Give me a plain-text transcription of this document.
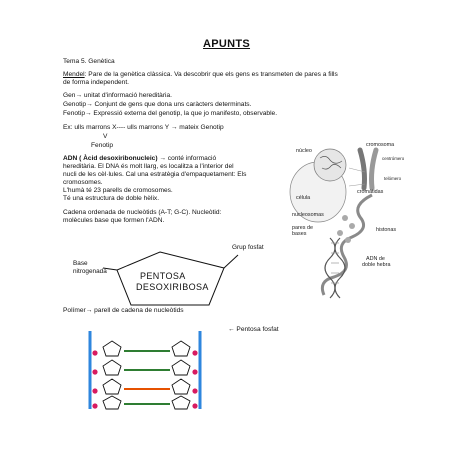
APUNTS
Tema 5. Genètica
Mendel: Pare de la genètica clàssica. Va descobrir que els gens es transmeten de pares a fills
de forma independent.
Gen→ unitat d'informació hereditària.
Genotip→ Conjunt de gens que dona uns caràcters determinats.
Fenotip→ Expressió externa del genotip, la que jo manifesto, observable.
Ex: ulls marrons X---- ulls marrons Y → mateix Genotip
V
Fenotip
ADN ( Àcid desoxiribonucleic) → conté informació
hereditària. El DNA és molt llarg, es localitza a l'interior del
nucli de les cèl·lules. Cal una estratègia d'empaquetament: Els
cromosomes.
L'humà té 23 parells de cromosomes.
Té una estructura de doble hèlix.
Cadena ordenada de nucleòtids (A-T; G-C). Nucleòtid:
molècules base que formen l'ADN.
núcleo
cromosoma
centrómero
telómero
célula
cromátidas
nucleosomas
pares de
bases
histonas
ADN de
doble hebra
Grup fosfat
Base
nitrogenada	PENTOSA
DESOXIRIBOSA
Polímer→ parell de cadena de nucleòtids
← Pentosa fosfat
